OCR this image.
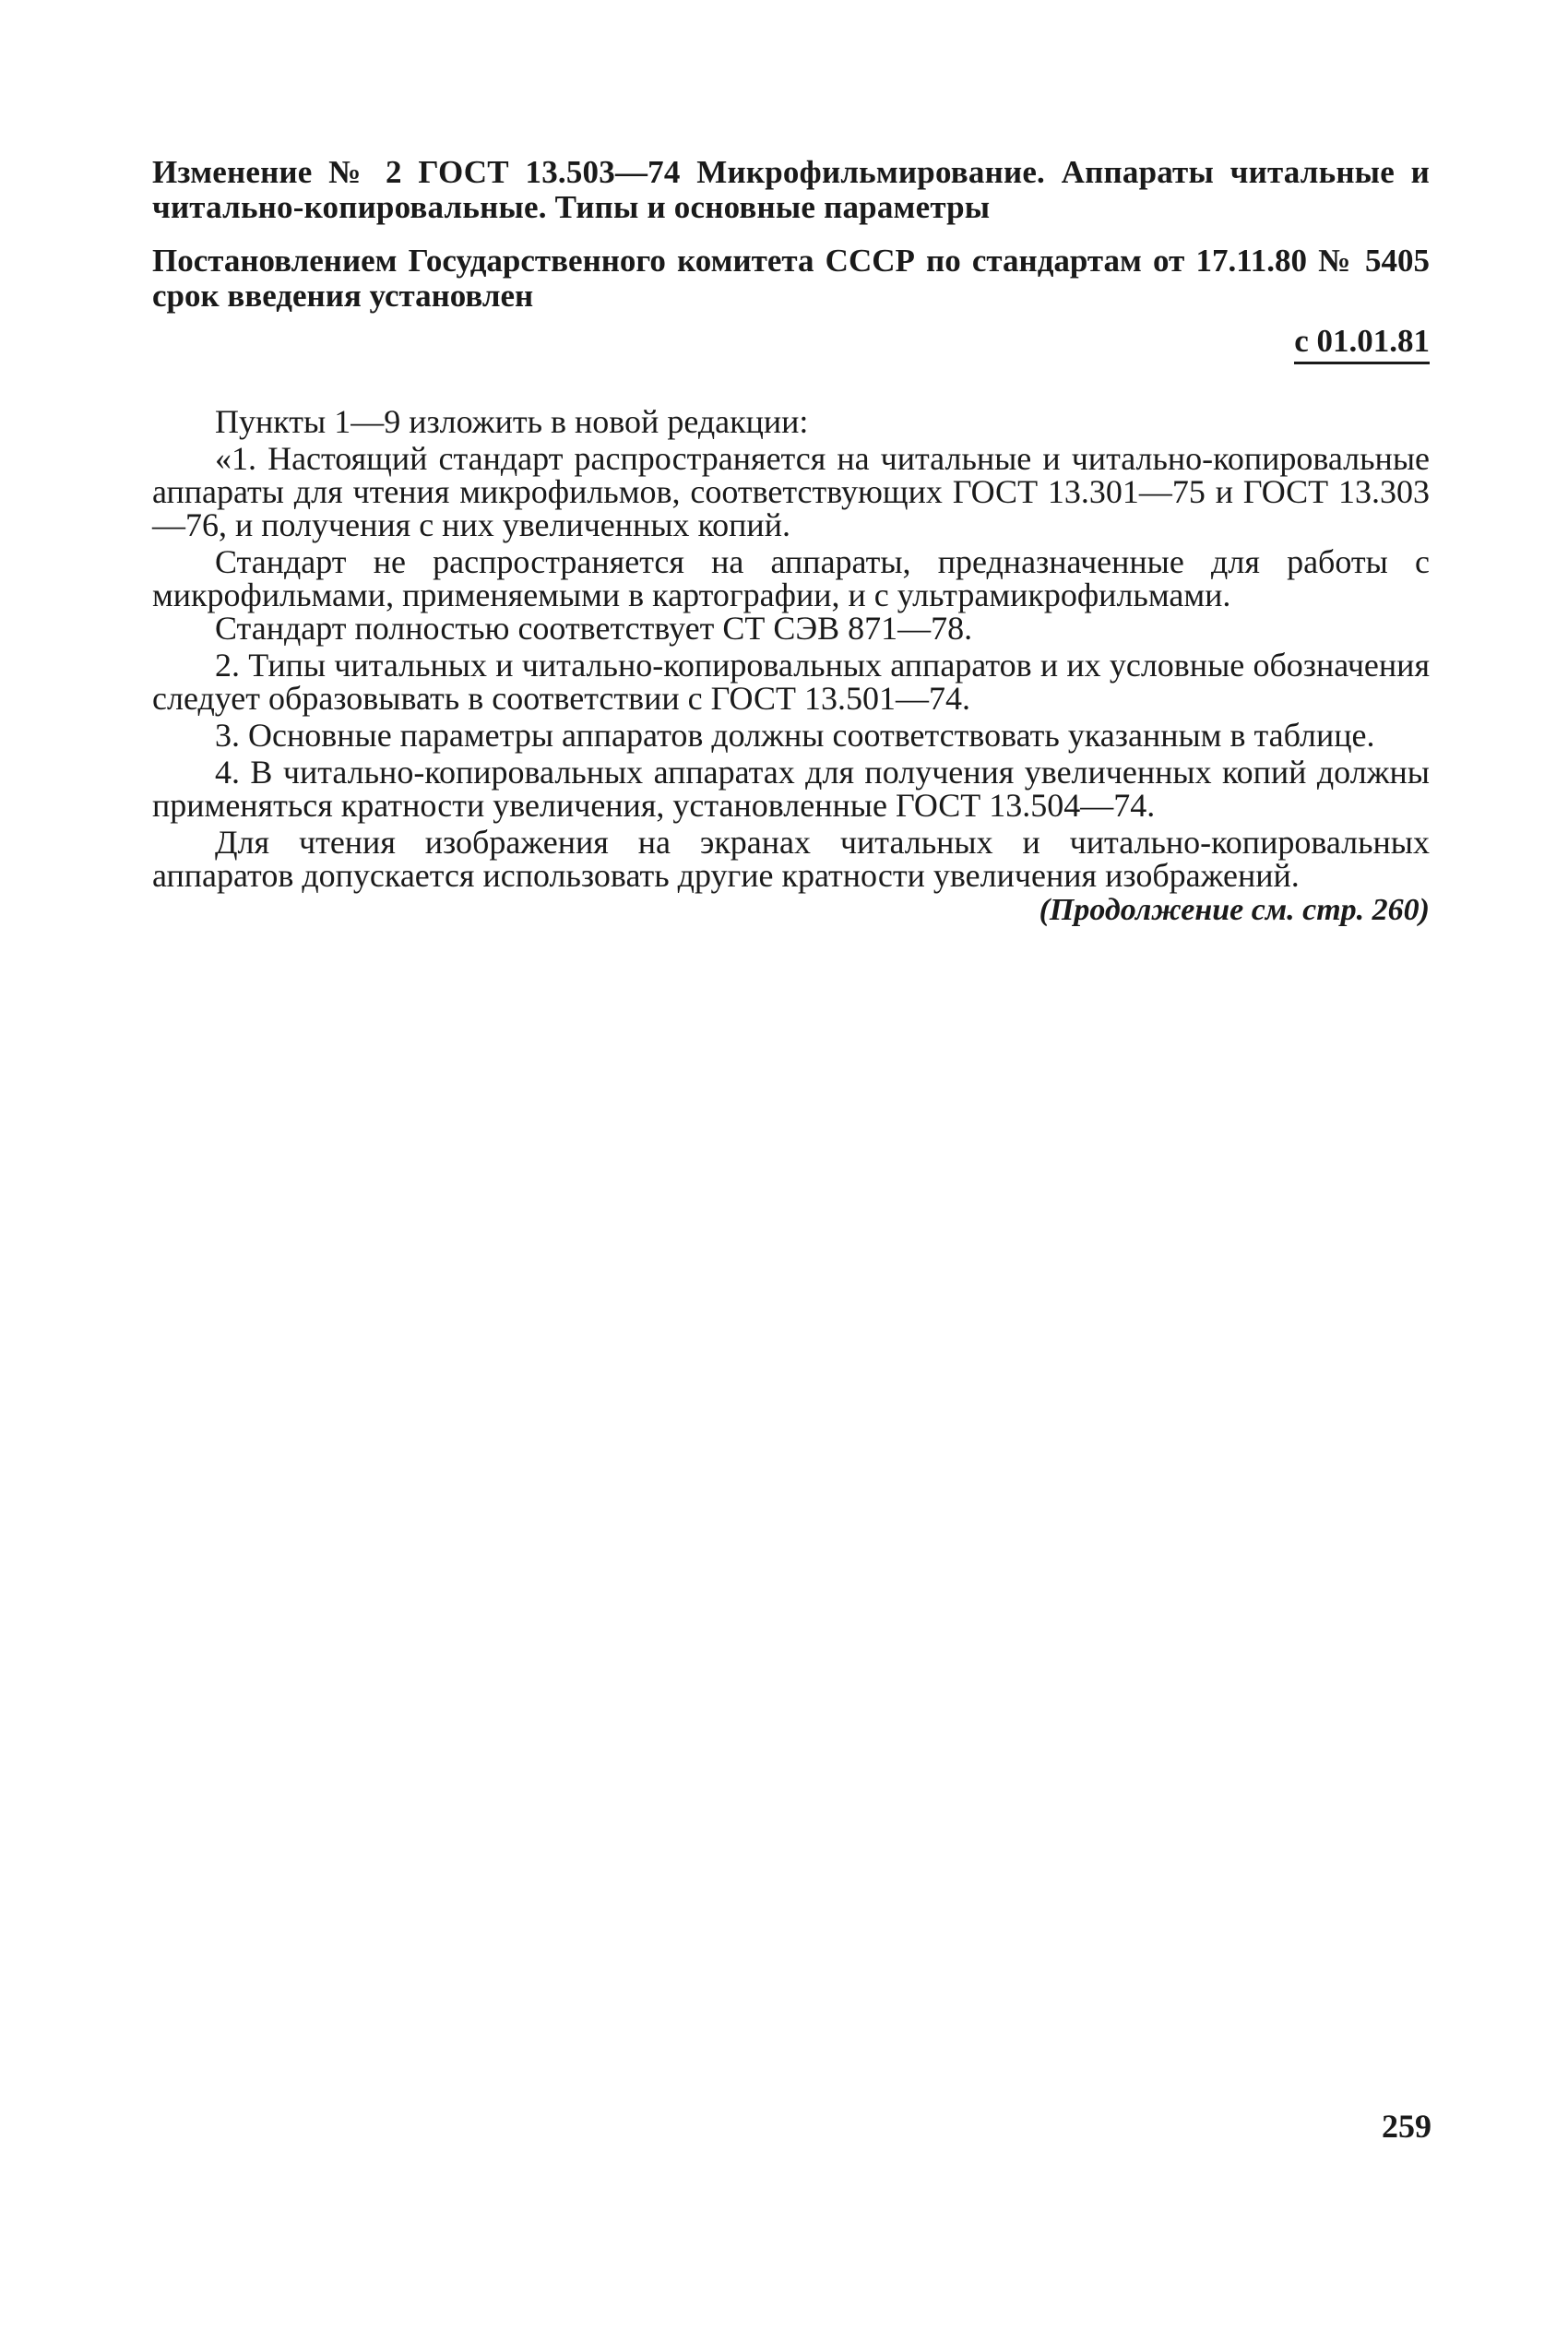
Изменение № 2 ГОСТ 13.503—74 Микрофильмирование. Аппараты читальные и читально-копировальные. Типы и основные параметры

Постановлением Государственного комитета СССР по стандартам от 17.11.80 № 5405 срок введения установлен

с 01.01.81

Пункты 1—9 изложить в новой редакции:

«1. Настоящий стандарт распространяется на читальные и читально-копировальные аппараты для чтения микрофильмов, соответствующих ГОСТ 13.301—75 и ГОСТ 13.303—76, и получения с них увеличенных копий.

Стандарт не распространяется на аппараты, предназначенные для работы с микрофильмами, применяемыми в картографии, и с ультрамикрофильмами.

Стандарт полностью соответствует СТ СЭВ 871—78.

2. Типы читальных и читально-копировальных аппаратов и их условные обозначения следует образовывать в соответствии с ГОСТ 13.501—74.

3. Основные параметры аппаратов должны соответствовать указанным в таблице.

4. В читально-копировальных аппаратах для получения увеличенных копий должны применяться кратности увеличения, установленные ГОСТ 13.504—74.

Для чтения изображения на экранах читальных и читально-копировальных аппаратов допускается использовать другие кратности увеличения изображений.

(Продолжение см. стр. 260)
259
